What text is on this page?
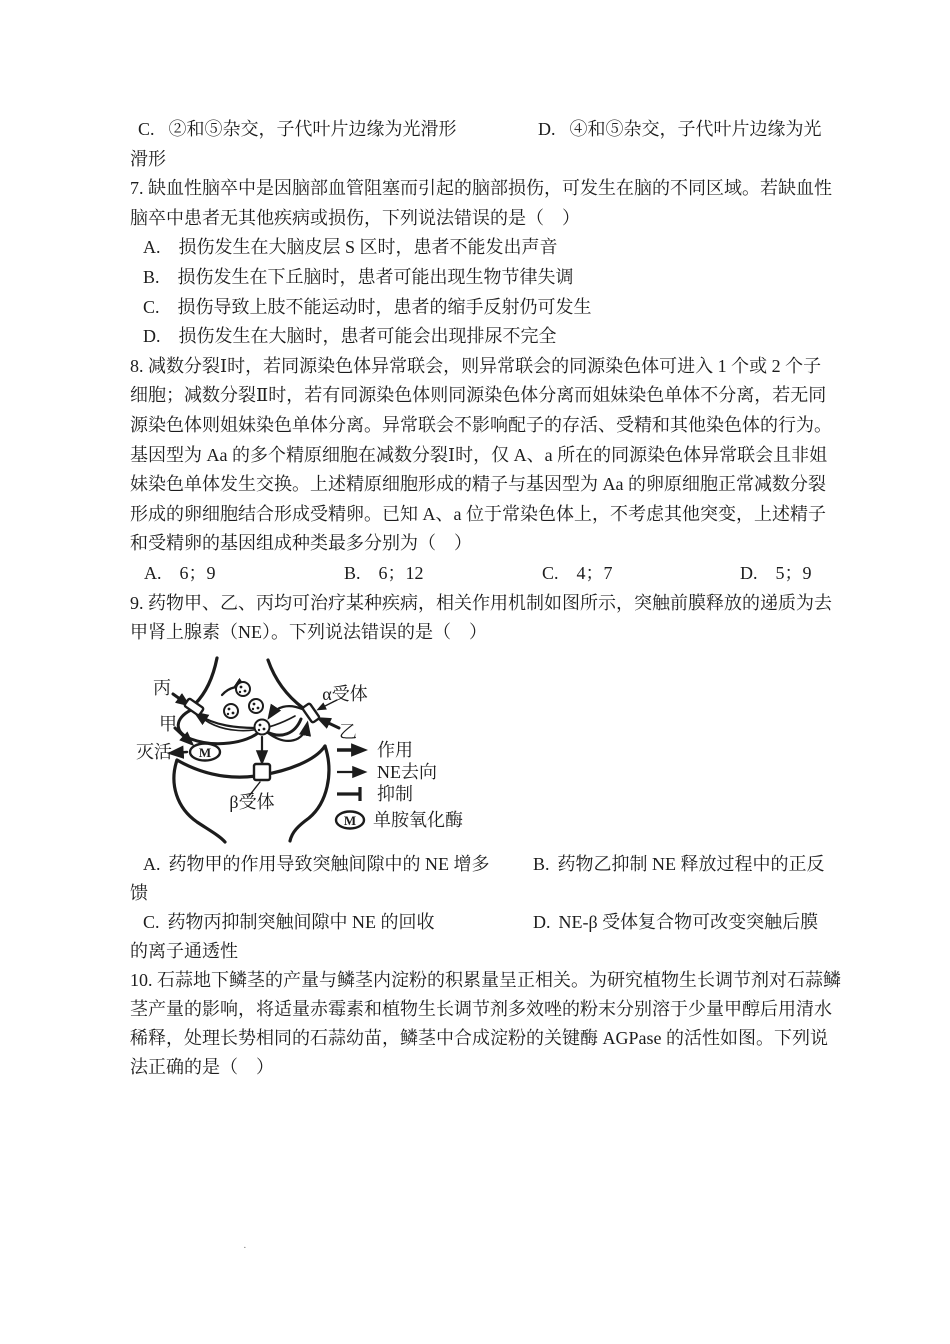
C. ②和⑤杂交，子代叶片边缘为光滑形	D. ④和⑤杂交，子代叶片边缘为光
滑形
7. 缺血性脑卒中是因脑部血管阻塞而引起的脑部损伤，可发生在脑的不同区域。若缺血性
脑卒中患者无其他疾病或损伤，下列说法错误的是（　）
A. 损伤发生在大脑皮层 S 区时，患者不能发出声音
B. 损伤发生在下丘脑时，患者可能出现生物节律失调
C. 损伤导致上肢不能运动时，患者的缩手反射仍可发生
D. 损伤发生在大脑时，患者可能会出现排尿不完全
8. 减数分裂Ⅰ时，若同源染色体异常联会，则异常联会的同源染色体可进入 1 个或 2 个子
细胞；减数分裂Ⅱ时，若有同源染色体则同源染色体分离而姐妹染色单体不分离，若无同
源染色体则姐妹染色单体分离。异常联会不影响配子的存活、受精和其他染色体的行为。
基因型为 Aa 的多个精原细胞在减数分裂Ⅰ时，仅 A、a 所在的同源染色体异常联会且非姐
妹染色单体发生交换。上述精原细胞形成的精子与基因型为 Aa 的卵原细胞正常减数分裂
形成的卵细胞结合形成受精卵。已知 A、a 位于常染色体上，不考虑其他突变，上述精子
和受精卵的基因组成种类最多分别为（　）
A. 6；9	B. 6；12	C. 4；7	D. 5；9
9. 药物甲、乙、丙均可治疗某种疾病，相关作用机制如图所示，突触前膜释放的递质为去
甲肾上腺素（NE）。下列说法错误的是（　）
M
丙
甲
灭活
α受体
乙
β受体
作用
NE去向
抑制
M 单胺氧化酶
A. 药物甲的作用导致突触间隙中的 NE 增多 B. 药物乙抑制 NE 释放过程中的正反
馈
C. 药物丙抑制突触间隙中 NE 的回收	D. NE-β 受体复合物可改变突触后膜
的离子通透性
10. 石蒜地下鳞茎的产量与鳞茎内淀粉的积累量呈正相关。为研究植物生长调节剂对石蒜鳞
茎产量的影响，将适量赤霉素和植物生长调节剂多效唑的粉末分别溶于少量甲醇后用清水
稀释，处理长势相同的石蒜幼苗，鳞茎中合成淀粉的关键酶 AGPase 的活性如图。下列说
法正确的是（　）
·
